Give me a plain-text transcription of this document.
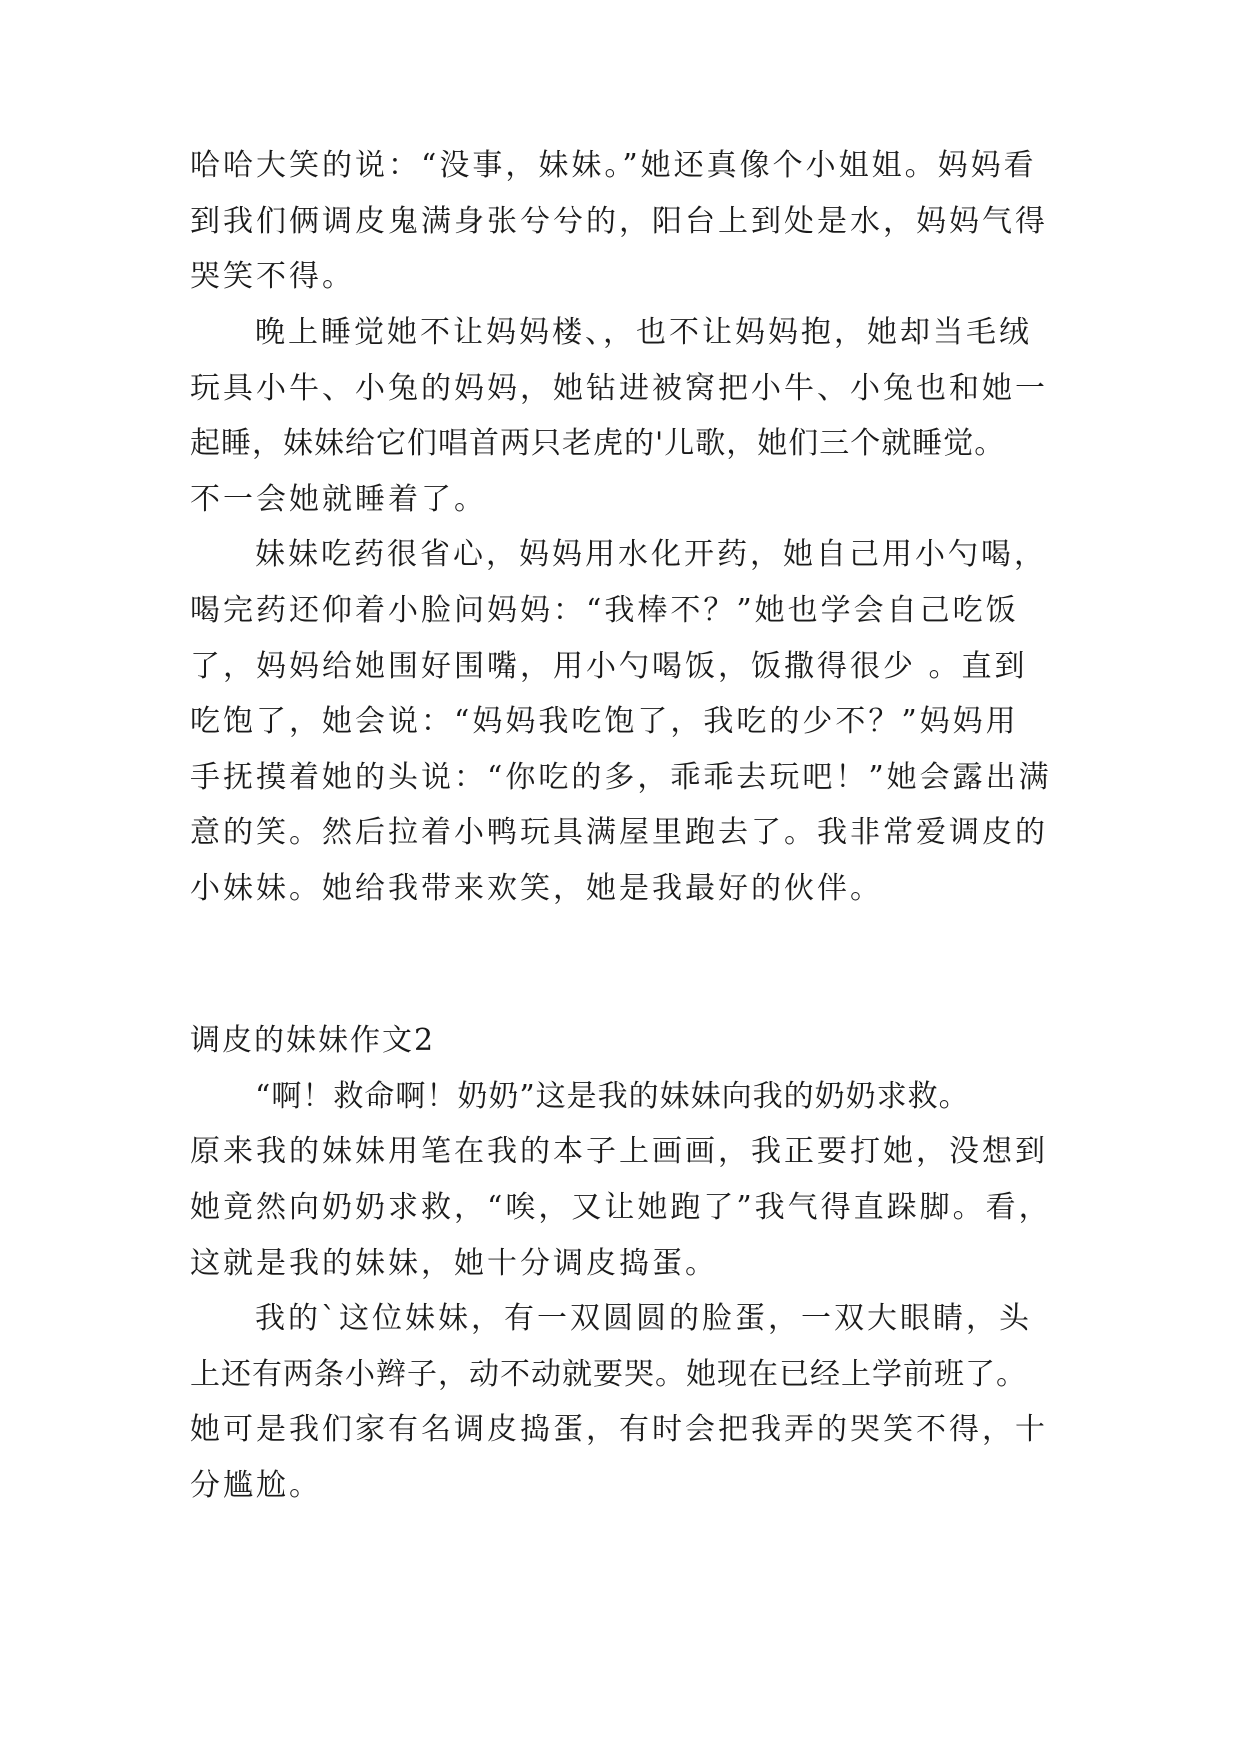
哈哈大笑的说：“没事，妹妹。”她还真像个小姐姐。妈妈看
到我们俩调皮鬼满身张兮兮的，阳台上到处是水，妈妈气得
哭笑不得。
晚上睡觉她不让妈妈楼、，也不让妈妈抱，她却当毛绒
玩具小牛、小兔的妈妈，她钻进被窝把小牛、小兔也和她一
起睡，妹妹给它们唱首两只老虎的'儿歌，她们三个就睡觉。
不一会她就睡着了。
妹妹吃药很省心，妈妈用水化开药，她自己用小勺喝，
喝完药还仰着小脸问妈妈：“我棒不？”她也学会自己吃饭
了，妈妈给她围好围嘴，用小勺喝饭，饭撒得很少 。直到
吃饱了，她会说：“妈妈我吃饱了，我吃的少不？”妈妈用
手抚摸着她的头说：“你吃的多，乖乖去玩吧！”她会露出满
意的笑。然后拉着小鸭玩具满屋里跑去了。我非常爱调皮的
小妹妹。她给我带来欢笑，她是我最好的伙伴。
调皮的妹妹作文2
“啊！救命啊！奶奶”这是我的妹妹向我的奶奶求救。
原来我的妹妹用笔在我的本子上画画，我正要打她，没想到
她竟然向奶奶求救，“唉，又让她跑了”我气得直跺脚。看，
这就是我的妹妹，她十分调皮捣蛋。
我的`这位妹妹，有一双圆圆的脸蛋，一双大眼睛，头
上还有两条小辫子，动不动就要哭。她现在已经上学前班了。
她可是我们家有名调皮捣蛋，有时会把我弄的哭笑不得，十
分尴尬。
